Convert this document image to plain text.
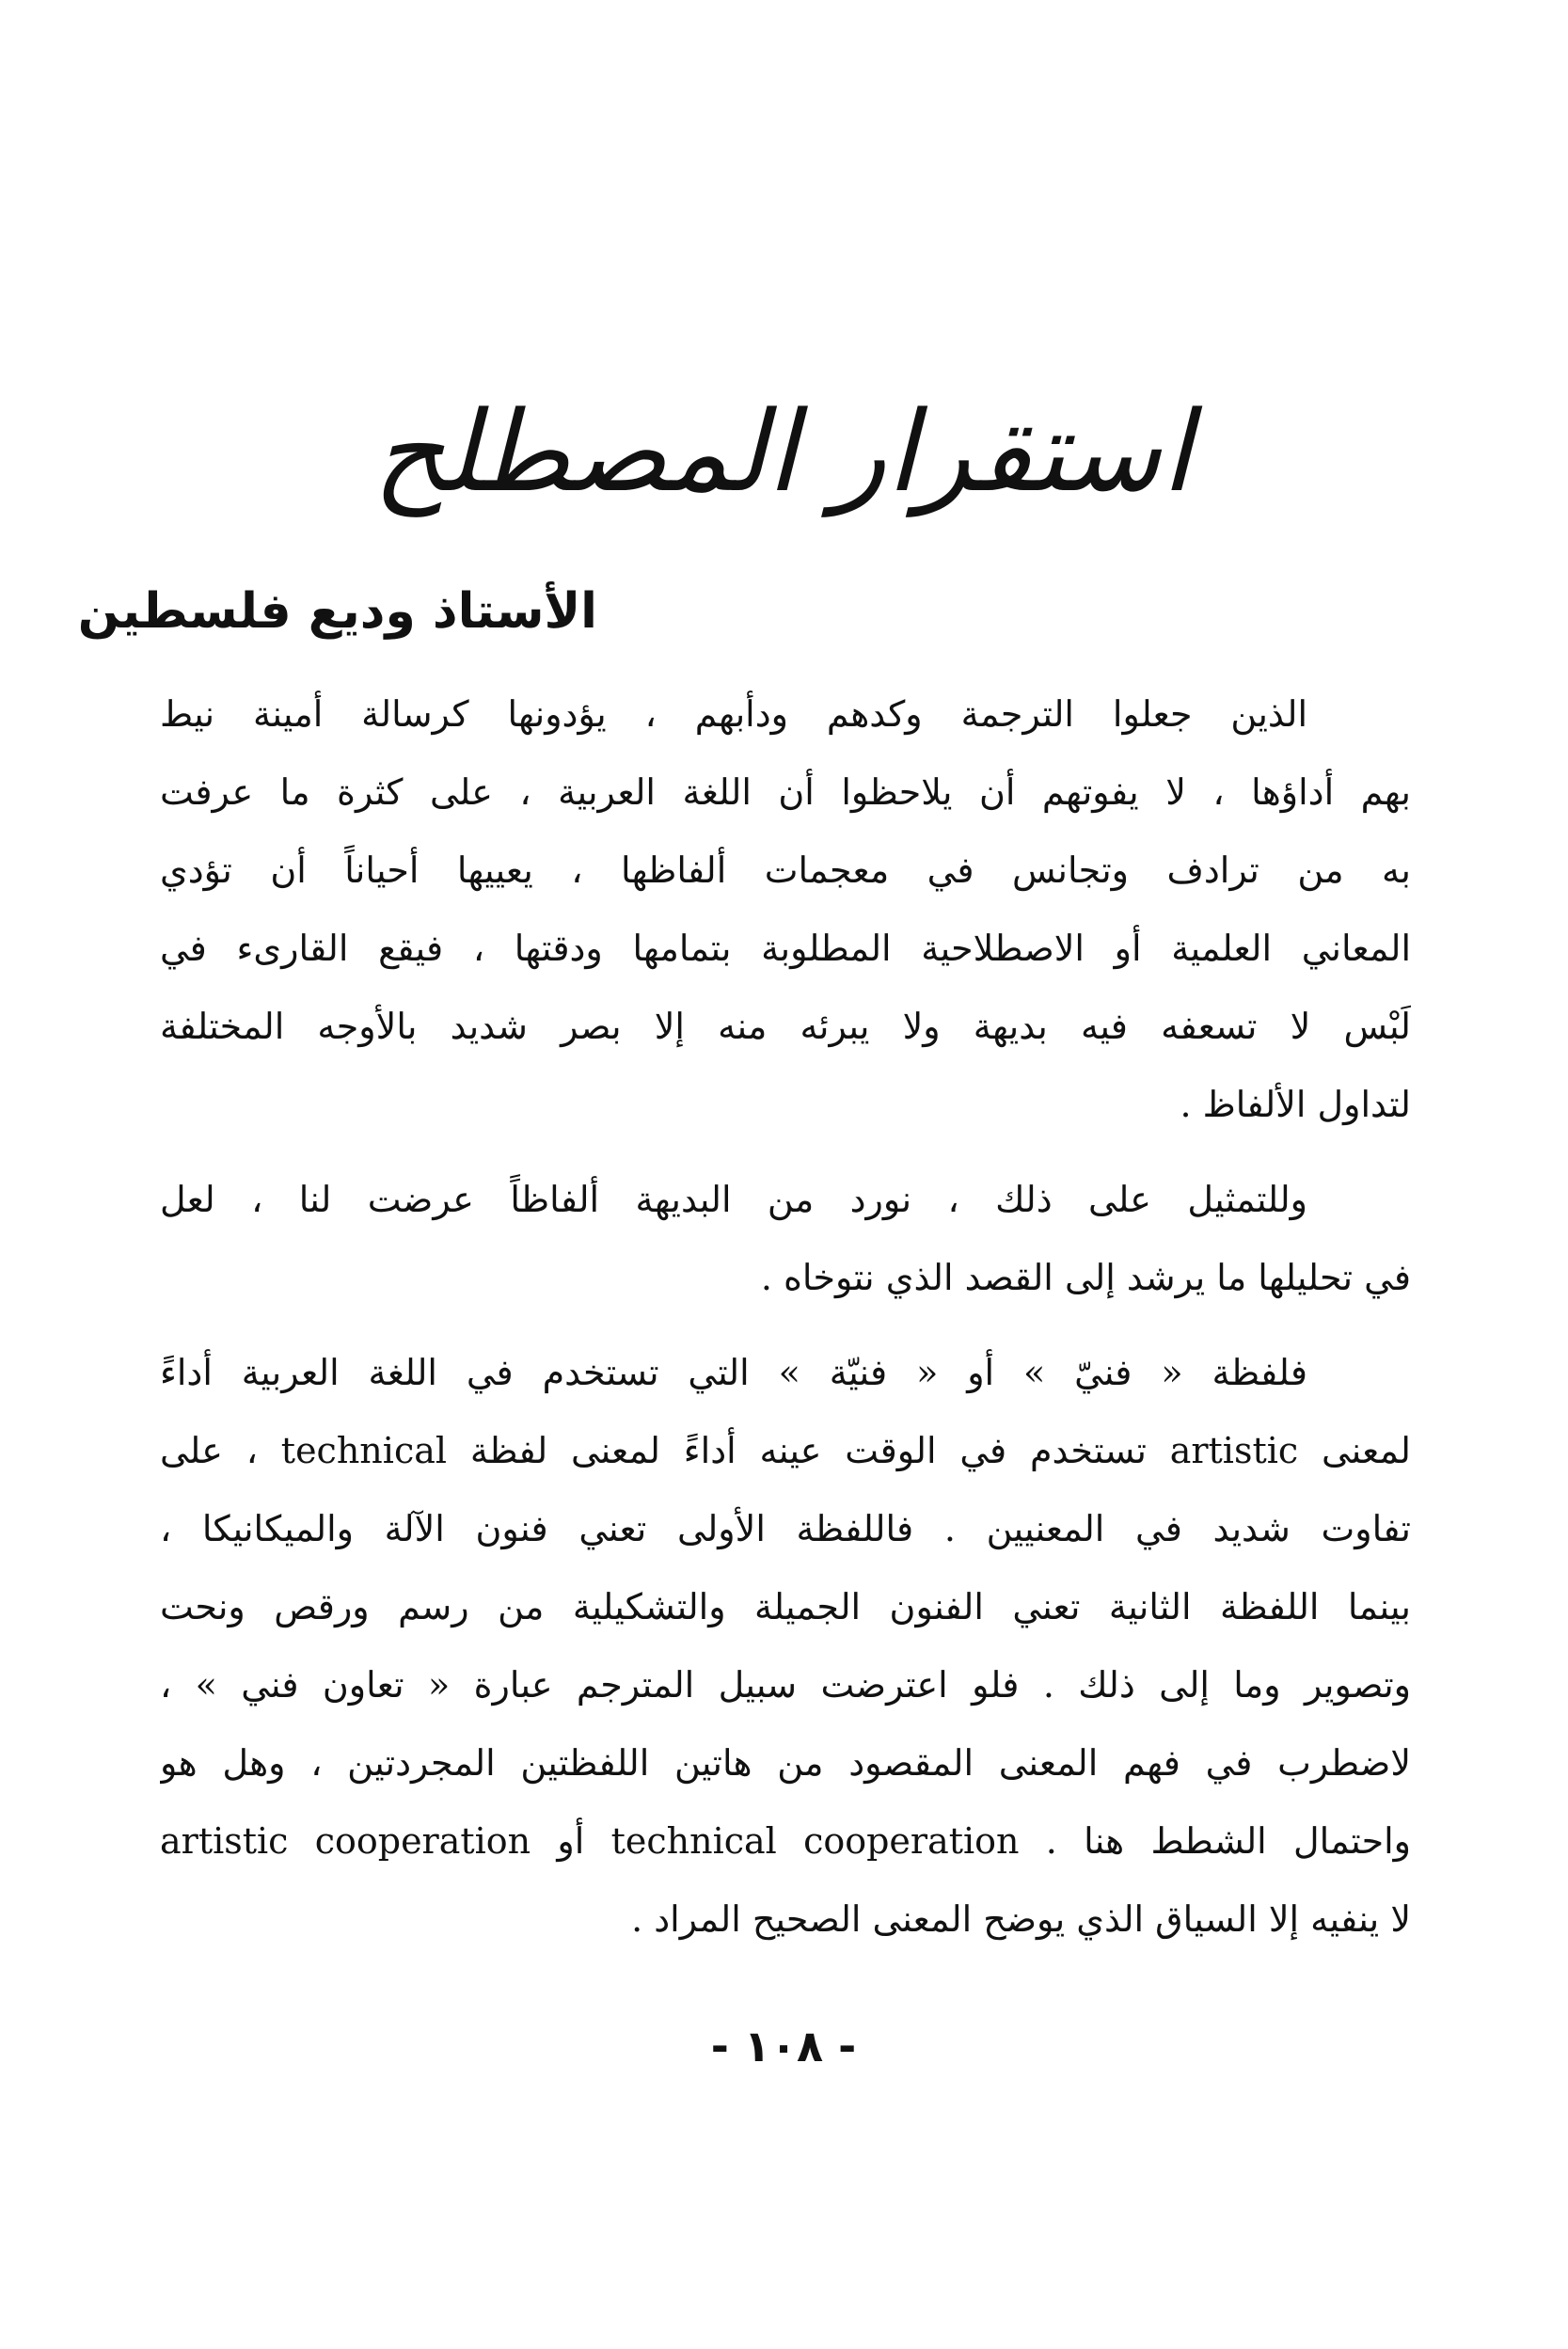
استقرار المصطلح
الأستاذ وديع فلسطين
الذين جعلوا الترجمة وكدهم ودأبهم ، يؤدونها كرسالة أمينة نيط
بهم أداؤها ، لا يفوتهم أن يلاحظوا أن اللغة العربية ، على كثرة ما عرفت
به من ترادف وتجانس في معجمات ألفاظها ، يعييها أحياناً أن تؤدي
المعاني العلمية أو الاصطلاحية المطلوبة بتمامها ودقتها ، فيقع القارىء في
لَبْس لا تسعفه فيه بديهة ولا يبرئه منه إلا بصر شديد بالأوجه المختلفة
لتداول الألفاظ .
وللتمثيل على ذلك ، نورد من البديهة ألفاظاً عرضت لنا ، لعل
في تحليلها ما يرشد إلى القصد الذي نتوخاه .
فلفظة « فنيّ » أو « فنيّة » التي تستخدم في اللغة العربية أداءً
لمعنى artistic تستخدم في الوقت عينه أداءً لمعنى لفظة technical ، على
تفاوت شديد في المعنيين . فاللفظة الأولى تعني فنون الآلة والميكانيكا ،
بينما اللفظة الثانية تعني الفنون الجميلة والتشكيلية من رسم ورقص ونحت
وتصوير وما إلى ذلك . فلو اعترضت سبيل المترجم عبارة « تعاون فني » ،
لاضطرب في فهم المعنى المقصود من هاتين اللفظتين المجردتين ، وهل هو
artistic cooperation أو technical cooperation . واحتمال الشطط هنا
لا ينفيه إلا السياق الذي يوضح المعنى الصحيح المراد .
- ١٠٨ -
